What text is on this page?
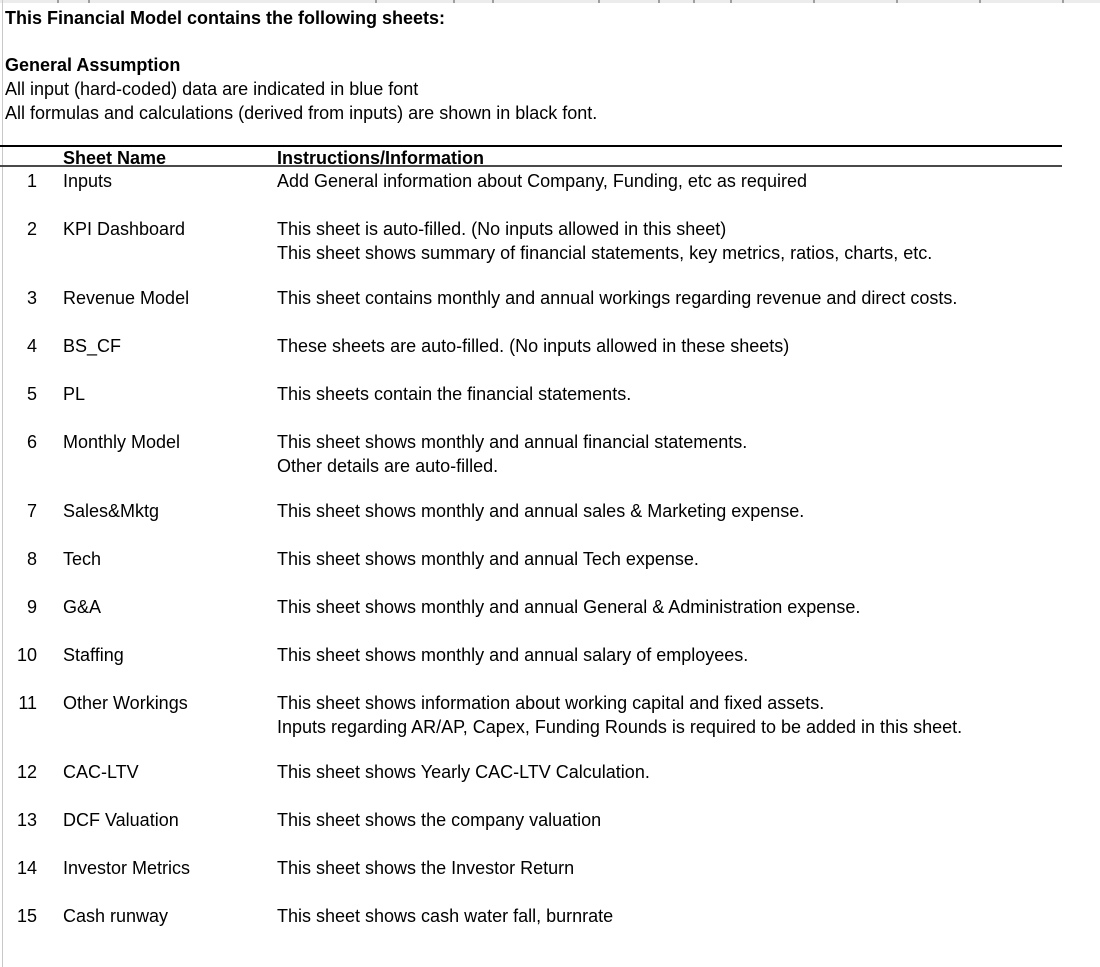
This Financial Model contains the following sheets:
General Assumption
All input (hard-coded) data are indicated in blue font
All formulas and calculations (derived from inputs) are shown in black font.
Sheet Name	Instructions/Information
1 Inputs	Add General information about Company, Funding, etc as required
2 KPI Dashboard	This sheet is auto-filled. (No inputs allowed in this sheet)
This sheet shows summary of financial statements, key metrics, ratios, charts, etc.
3 Revenue Model	This sheet contains monthly and annual workings regarding revenue and direct costs.
4 BS_CF	These sheets are auto-filled. (No inputs allowed in these sheets)
5 PL	This sheets contain the financial statements.
6 Monthly Model	This sheet shows monthly and annual financial statements.
Other details are auto-filled.
7 Sales&Mktg	This sheet shows monthly and annual sales & Marketing expense.
8 Tech	This sheet shows monthly and annual Tech expense.
9 G&A	This sheet shows monthly and annual General & Administration expense.
10 Staffing	This sheet shows monthly and annual salary of employees.
11 Other Workings	This sheet shows information about working capital and fixed assets.
Inputs regarding AR/AP, Capex, Funding Rounds is required to be added in this sheet.
12 CAC-LTV	This sheet shows Yearly CAC-LTV Calculation.
13 DCF Valuation	This sheet shows the company valuation
14 Investor Metrics	This sheet shows the Investor Return
15 Cash runway	This sheet shows cash water fall, burnrate
